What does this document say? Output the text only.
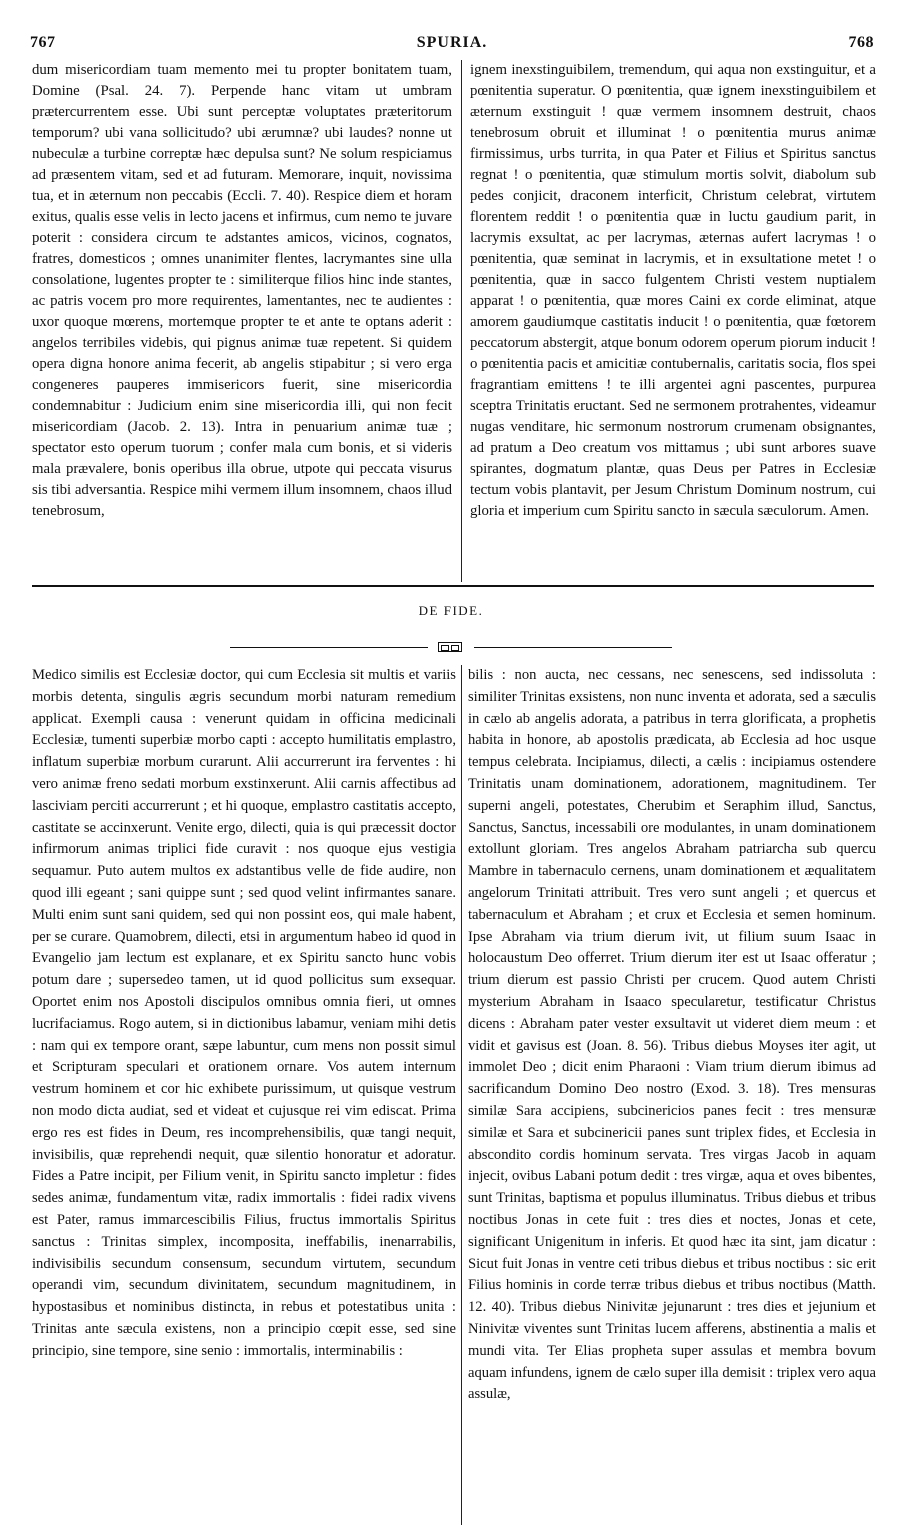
767	SPURIA.	768

dum misericordiam tuam memento mei tu propter bonitatem tuam, Domine (Psal. 24. 7). Perpende hanc vitam ut umbram prætercurrentem esse. Ubi sunt perceptæ voluptates præteritorum temporum? ubi vana sollicitudo? ubi ærumnæ? ubi laudes? nonne ut nubeculæ a turbine correptæ hæc depulsa sunt? Ne solum respiciamus ad præsentem vitam, sed et ad futuram. Memorare, inquit, novissima tua, et in æternum non peccabis (Eccli. 7. 40). Respice diem et horam exitus, qualis esse velis in lecto jacens et infirmus, cum nemo te juvare poterit : considera circum te adstantes amicos, vicinos, cognatos, fratres, domesticos ; omnes unanimiter flentes, lacrymantes sine ulla consolatione, lugentes propter te : similiterque filios hinc inde stantes, ac patris vocem pro more requirentes, lamentantes, nec te audientes : uxor quoque mœrens, mortemque propter te et ante te optans aderit : angelos terribiles videbis, qui pignus animæ tuæ repetent. Si quidem opera digna honore anima fecerit, ab angelis stipabitur ; si vero erga congeneres pauperes immisericors fuerit, sine misericordia condemnabitur : Judicium enim sine misericordia illi, qui non fecit misericordiam (Jacob. 2. 13). Intra in penuarium animæ tuæ ; spectator esto operum tuorum ; confer mala cum bonis, et si videris mala prævalere, bonis operibus illa obrue, utpote qui peccata visurus sis tibi adversantia. Respice mihi vermem illum insomnem, chaos illud tenebrosum,

ignem inexstinguibilem, tremendum, qui aqua non exstinguitur, et a pœnitentia superatur. O pœnitentia, quæ ignem inexstinguibilem et æternum exstinguit ! quæ vermem insomnem destruit, chaos tenebrosum obruit et illuminat ! o pœnitentia murus animæ firmissimus, urbs turrita, in qua Pater et Filius et Spiritus sanctus regnat ! o pœnitentia, quæ stimulum mortis solvit, diabolum sub pedes conjicit, draconem interficit, Christum celebrat, virtutem florentem reddit ! o pœnitentia quæ in luctu gaudium parit, in lacrymis exsultat, ac per lacrymas, æternas aufert lacrymas ! o pœnitentia, quæ seminat in lacrymis, et in exsultatione metet ! o pœnitentia, quæ in sacco fulgentem Christi vestem nuptialem apparat ! o pœnitentia, quæ mores Caini ex corde eliminat, atque amorem gaudiumque castitatis inducit ! o pœnitentia, quæ fœtorem peccatorum abstergit, atque bonum odorem operum piorum inducit ! o pœnitentia pacis et amicitiæ contubernalis, caritatis socia, flos spei fragrantiam emittens ! te illi argentei agni pascentes, purpurea sceptra Trinitatis eructant. Sed ne sermonem protrahentes, videamur nugas venditare, hic sermonum nostrorum crumenam obsignantes, ad pratum a Deo creatum vos mittamus ; ubi sunt arbores suave spirantes, dogmatum plantæ, quas Deus per Patres in Ecclesiæ tectum vobis plantavit, per Jesum Christum Dominum nostrum, cui gloria et imperium cum Spiritu sancto in sæcula sæculorum. Amen.

DE FIDE.

Medico similis est Ecclesiæ doctor, qui cum Ecclesia sit multis et variis morbis detenta, singulis ægris secundum morbi naturam remedium applicat. Exempli causa : venerunt quidam in officina medicinali Ecclesiæ, tumenti superbiæ morbo capti : accepto humilitatis emplastro, inflatum superbiæ morbum curarunt. Alii accurrerunt ira ferventes : hi vero animæ freno sedati morbum exstinxerunt. Alii carnis affectibus ad lasciviam perciti accurrerunt ; et hi quoque, emplastro castitatis accepto, castitate se accinxerunt. Venite ergo, dilecti, quia is qui præcessit doctor infirmorum animas triplici fide curavit : nos quoque ejus vestigia sequamur. Puto autem multos ex adstantibus velle de fide audire, non quod illi egeant ; sani quippe sunt ; sed quod velint infirmantes sanare. Multi enim sunt sani quidem, sed qui non possint eos, qui male habent, per se curare. Quamobrem, dilecti, etsi in argumentum habeo id quod in Evangelio jam lectum est explanare, et ex Spiritu sancto hunc vobis potum dare ; supersedeo tamen, ut id quod pollicitus sum exsequar. Oportet enim nos Apostoli discipulos omnibus omnia fieri, ut omnes lucrifaciamus. Rogo autem, si in dictionibus labamur, veniam mihi detis : nam qui ex tempore orant, sæpe labuntur, cum mens non possit simul et Scripturam speculari et orationem ornare. Vos autem internum vestrum hominem et cor hic exhibete purissimum, ut quisque vestrum non modo dicta audiat, sed et videat et cujusque rei vim ediscat. Prima ergo res est fides in Deum, res incomprehensibilis, quæ tangi nequit, invisibilis, quæ reprehendi nequit, quæ silentio honoratur et adoratur. Fides a Patre incipit, per Filium venit, in Spiritu sancto impletur : fides sedes animæ, fundamentum vitæ, radix immortalis : fidei radix vivens est Pater, ramus immarcescibilis Filius, fructus immortalis Spiritus sanctus : Trinitas simplex, incomposita, ineffabilis, inenarrabilis, indivisibilis secundum consensum, secundum virtutem, secundum operandi vim, secundum divinitatem, secundum magnitudinem, in hypostasibus et nominibus distincta, in rebus et potestatibus unita : Trinitas ante sæcula existens, non a principio cœpit esse, sed sine principio, sine tempore, sine senio : immortalis, interminabilis :

bilis : non aucta, nec cessans, nec senescens, sed indissoluta : similiter Trinitas exsistens, non nunc inventa et adorata, sed a sæculis in cælo ab angelis adorata, a patribus in terra glorificata, a prophetis habita in honore, ab apostolis prædicata, ab Ecclesia ad hoc usque tempus celebrata. Incipiamus, dilecti, a cælis : incipiamus ostendere Trinitatis unam dominationem, adorationem, magnitudinem. Ter superni angeli, potestates, Cherubim et Seraphim illud, Sanctus, Sanctus, Sanctus, incessabili ore modulantes, in unam dominationem extollunt gloriam. Tres angelos Abraham patriarcha sub quercu Mambre in tabernaculo cernens, unam dominationem et æqualitatem angelorum Trinitati attribuit. Tres vero sunt angeli ; et quercus et tabernaculum et Abraham ; et crux et Ecclesia et semen hominum. Ipse Abraham via trium dierum ivit, ut filium suum Isaac in holocaustum Deo offerret. Trium dierum iter est ut Isaac offeratur ; trium dierum est passio Christi per crucem. Quod autem Christi mysterium Abraham in Isaaco specularetur, testificatur Christus dicens : Abraham pater vester exsultavit ut videret diem meum : et vidit et gavisus est (Joan. 8. 56). Tribus diebus Moyses iter agit, ut immolet Deo ; dicit enim Pharaoni : Viam trium dierum ibimus ad sacrificandum Domino Deo nostro (Exod. 3. 18). Tres mensuras similæ Sara accipiens, subcinericios panes fecit : tres mensuræ similæ et Sara et subcinericii panes sunt triplex fides, et Ecclesia in abscondito cordis hominum servata. Tres virgas Jacob in aquam injecit, ovibus Labani potum dedit : tres virgæ, aqua et oves bibentes, sunt Trinitas, baptisma et populus illuminatus. Tribus diebus et tribus noctibus Jonas in cete fuit : tres dies et noctes, Jonas et cete, significant Unigenitum in inferis. Et quod hæc ita sint, jam dicatur : Sicut fuit Jonas in ventre ceti tribus diebus et tribus noctibus : sic erit Filius hominis in corde terræ tribus diebus et tribus noctibus (Matth. 12. 40). Tribus diebus Ninivitæ jejunarunt : tres dies et jejunium et Ninivitæ viventes sunt Trinitas lucem afferens, abstinentia a malis et mundi vita. Ter Elias propheta super assulas et membra bovum aquam infundens, ignem de cælo super illa demisit : triplex vero aqua assulæ,
